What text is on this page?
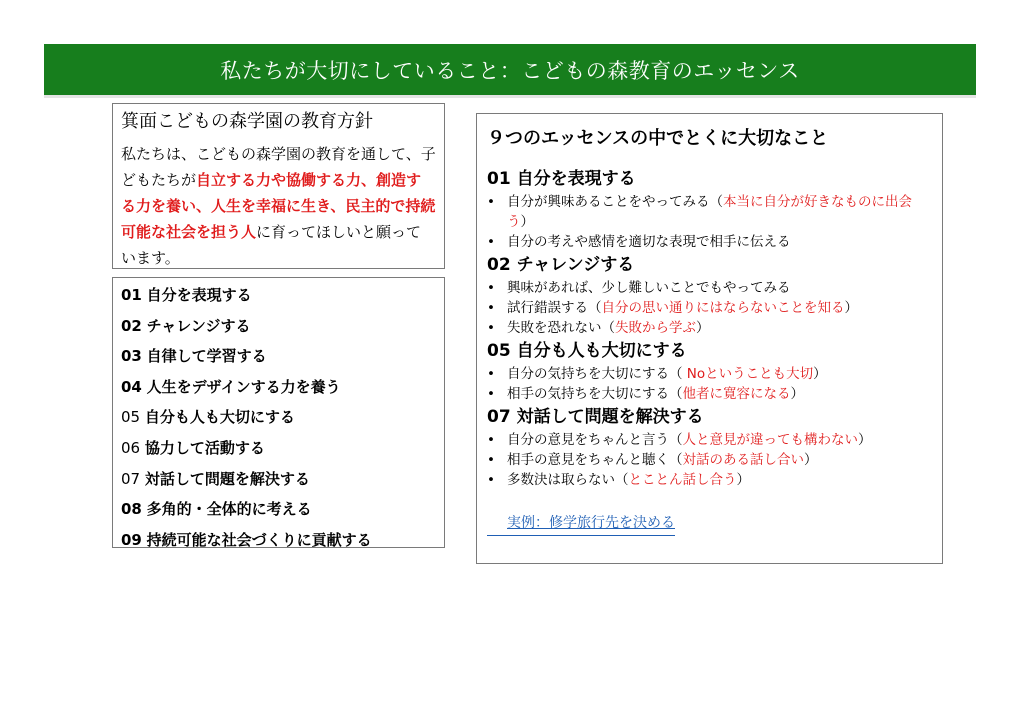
私たちが大切にしていること：こどもの森教育のエッセンス
箕面こどもの森学園の教育方針
私たちは、こどもの森学園の教育を通して、子どもたちが自立する力や協働する力、創造する力を養い、人生を幸福に生き、民主的で持続可能な社会を担う人に育ってほしいと願っています。
01 自分を表現する
02 チャレンジする
03 自律して学習する
04 人生をデザインする力を養う
05 自分も人も大切にする
06 協力して活動する
07 対話して問題を解決する
08 多角的・全体的に考える
09 持続可能な社会づくりに貢献する
９つのエッセンスの中でとくに大切なこと
01 自分を表現する
• 自分が興味あることをやってみる（本当に自分が好きなものに出会う）
• 自分の考えや感情を適切な表現で相手に伝える
02 チャレンジする
• 興味があれば、少し難しいことでもやってみる
• 試行錯誤する（自分の思い通りにはならないことを知る）
• 失敗を恐れない（失敗から学ぶ）
05 自分も人も大切にする
• 自分の気持ちを大切にする（ Noということも大切）
• 相手の気持ちを大切にする（他者に寛容になる）
07 対話して問題を解決する
• 自分の意見をちゃんと言う（人と意見が違っても構わない）
• 相手の意見をちゃんと聴く（対話のある話し合い）
• 多数決は取らない（とことん話し合う）
実例：修学旅行先を決める
